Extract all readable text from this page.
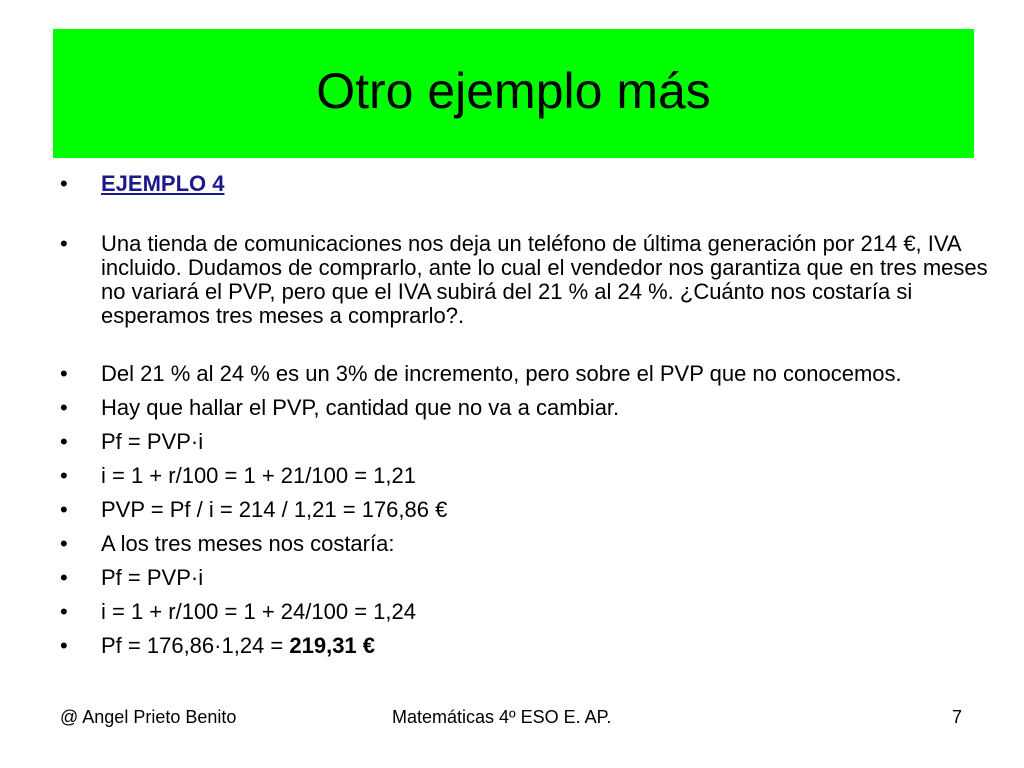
Otro ejemplo más
• EJEMPLO 4
• Una tienda de comunicaciones nos deja un teléfono de última generación por 214 €, IVA incluido. Dudamos de comprarlo, ante lo cual el vendedor nos garantiza que en tres meses no variará el PVP, pero que el IVA subirá del 21 % al 24 %. ¿Cuánto nos costaría si esperamos tres meses a comprarlo?.
• Del 21 % al 24 % es un 3% de incremento, pero sobre el PVP que no conocemos.
• Hay que hallar el PVP, cantidad que no va a cambiar.
• Pf = PVP·i
• i = 1 + r/100 = 1 + 21/100 = 1,21
• PVP = Pf / i = 214 / 1,21 = 176,86 €
• A los tres meses nos costaría:
• Pf = PVP·i
• i = 1 + r/100 = 1 + 24/100 = 1,24
• Pf = 176,86·1,24 = 219,31 €
@ Angel Prieto Benito	Matemáticas 4º ESO E. AP.	7
